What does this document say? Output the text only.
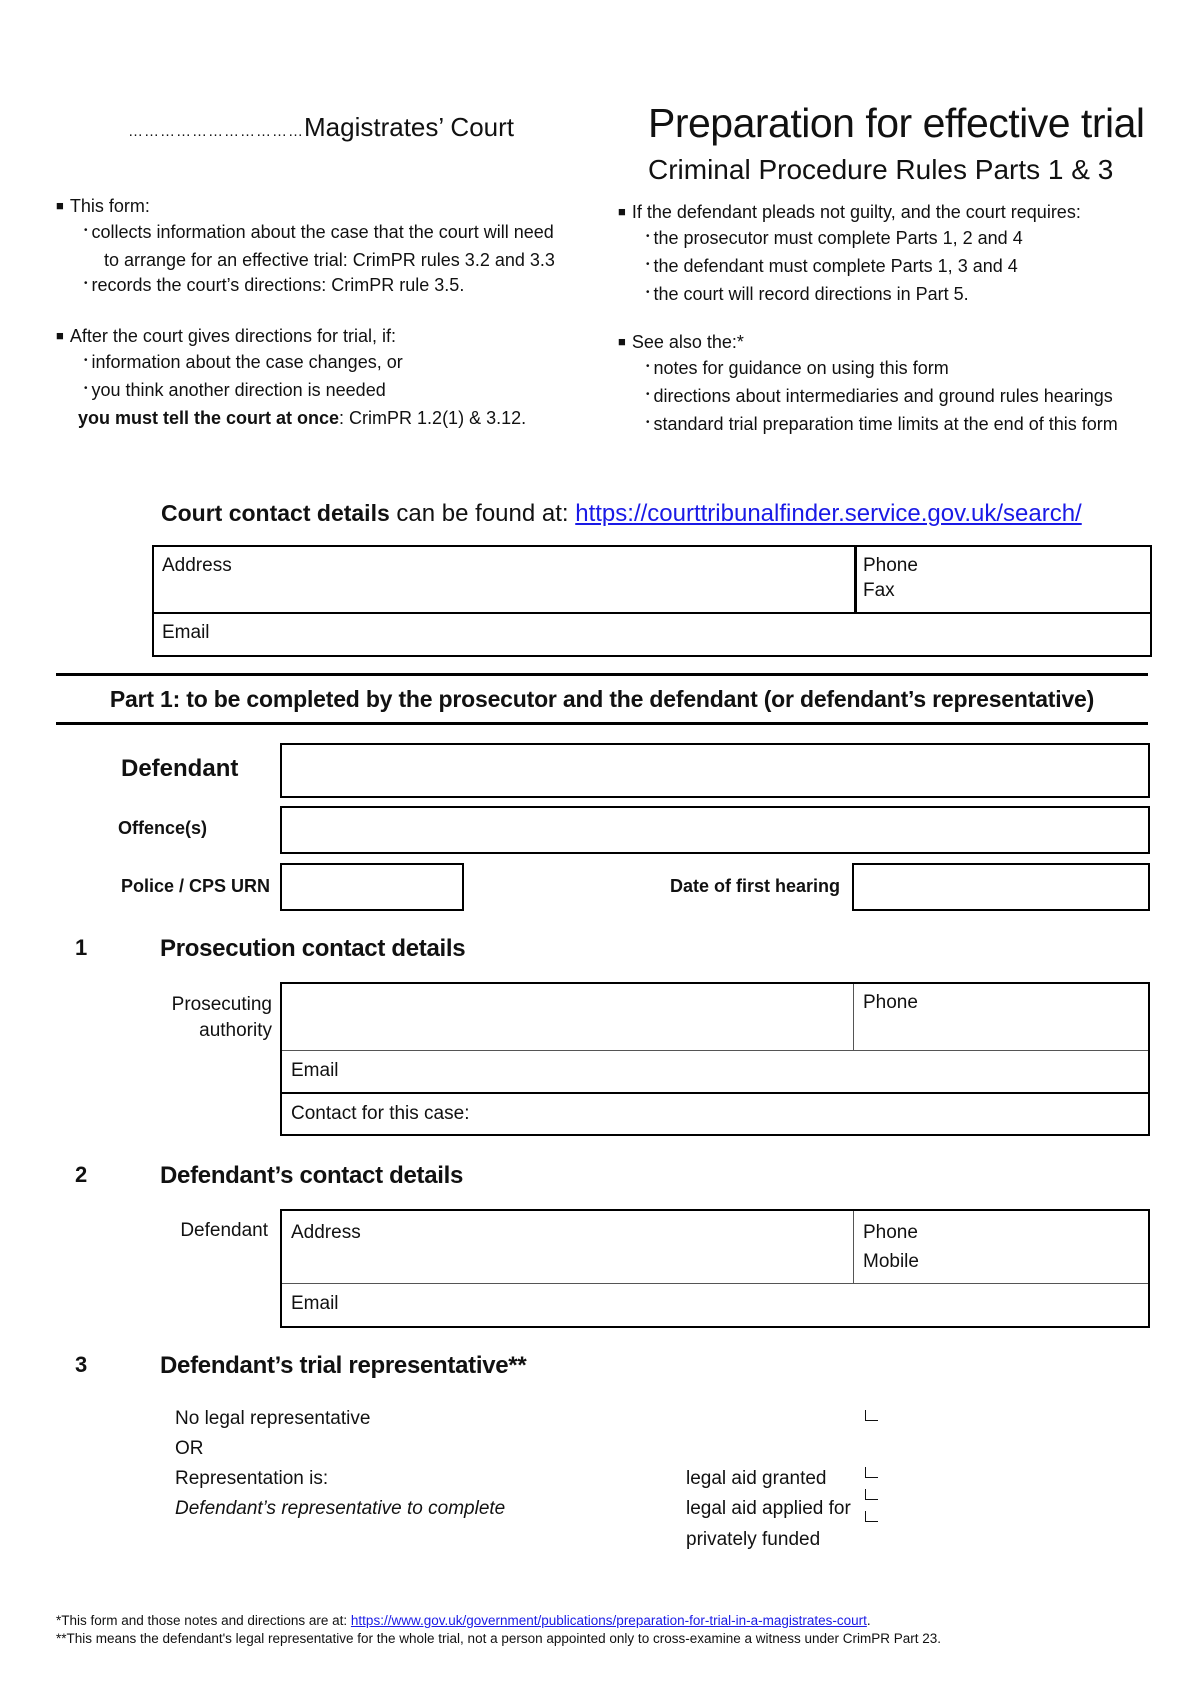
……………………………Magistrates’ Court	Preparation for effective trial
Criminal Procedure Rules Parts 1 & 3
■ This form:
• collects information about the case that the court will need
to arrange for an effective trial: CrimPR rules 3.2 and 3.3
• records the court’s directions: CrimPR rule 3.5.
■ After the court gives directions for trial, if:
• information about the case changes, or
• you think another direction is needed
you must tell the court at once: CrimPR 1.2(1) & 3.12.
■ If the defendant pleads not guilty, and the court requires:
• the prosecutor must complete Parts 1, 2 and 4
• the defendant must complete Parts 1, 3 and 4
• the court will record directions in Part 5.
■ See also the:*
• notes for guidance on using this form
• directions about intermediaries and ground rules hearings
• standard trial preparation time limits at the end of this form
Court contact details can be found at: https://courttribunalfinder.service.gov.uk/search/
Address	Phone
Fax
Email
Part 1: to be completed by the prosecutor and the defendant (or defendant’s representative)
Defendant
Offence(s)
Police / CPS URN	Date of first hearing
1	Prosecution contact details
Prosecuting
authority
Phone
Email
Contact for this case:
2	Defendant’s contact details
Defendant Address	Phone
Mobile
Email
3	Defendant’s trial representative**
No legal representative
OR
Representation is:
Defendant’s representative to complete
legal aid granted
legal aid applied for
privately funded
*This form and those notes and directions are at: https://www.gov.uk/government/publications/preparation-for-trial-in-a-magistrates-court.
**This means the defendant's legal representative for the whole trial, not a person appointed only to cross-examine a witness under CrimPR Part 23.
